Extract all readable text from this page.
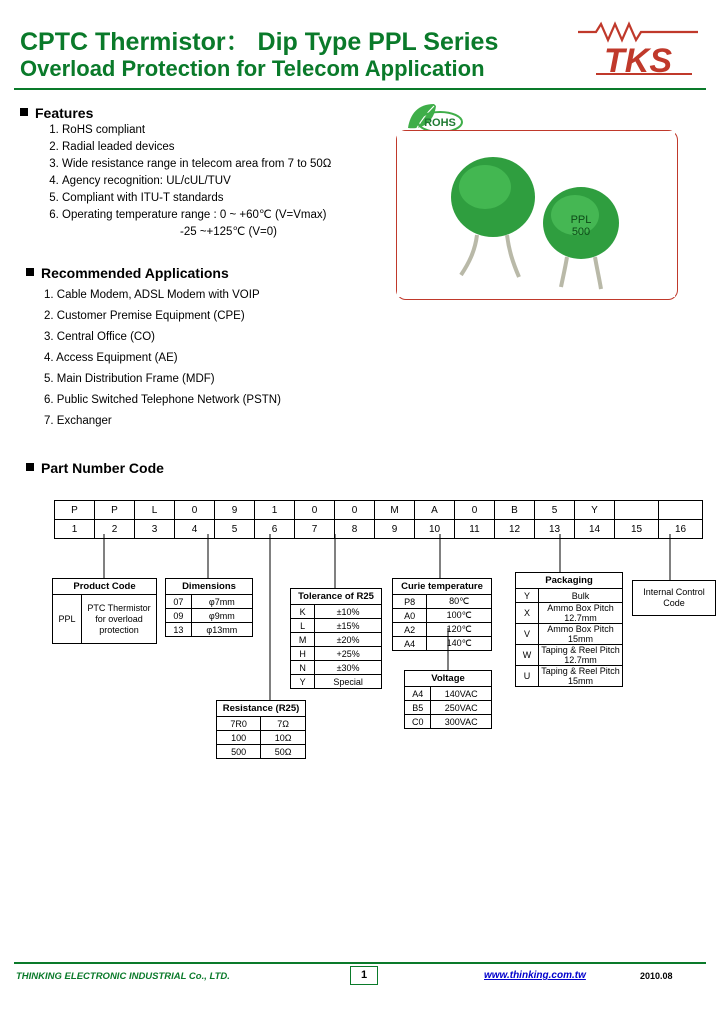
CPTC Thermistor： Dip Type PPL Series
Overload Protection for Telecom Application	TKS
Features
1. RoHS compliant
2. Radial leaded devices
3. Wide resistance range in telecom area from 7 to 50Ω
4. Agency recognition: UL/cUL/TUV
5. Compliant with ITU-T standards
6. Operating temperature range : 0 ~ +60℃ (V=Vmax)
-25 ~+125℃ (V=0)
ROHS
PPL
500
Recommended Applications
1. Cable Modem, ADSL Modem with VOIP
2. Customer Premise Equipment (CPE)
3. Central Office (CO)
4. Access Equipment (AE)
5. Main Distribution Frame (MDF)
6. Public Switched Telephone Network (PSTN)
7. Exchanger
Part Number Code
P	P	L	0	9	1	0	0	M	A	0	B	5	Y		
1	2	3	4	5	6	7	8	9	10	11	12	13	14	15	16
Product Code
PPL	PTC Thermistor for overload protection
Dimensions
07	φ7mm
09	φ9mm
13	φ13mm
Tolerance of R25
K	±10%
L	±15%
M	±20%
H	+25%
N	±30%
Y	Special
Curie temperature
P8	80℃
A0	100℃
A2	120℃
A4	140℃
Voltage
A4	140VAC
B5	250VAC
C0	300VAC
Packaging
Y	Bulk
X	Ammo Box Pitch 12.7mm
V	Ammo Box Pitch 15mm
W	Taping & Reel Pitch 12.7mm
U	Taping & Reel Pitch 15mm
Resistance (R25)
7R0	7Ω
100	10Ω
500	50Ω
Internal Control Code
THINKING ELECTRONIC INDUSTRIAL Co., LTD.	1	www.thinking.com.tw	2010.08
